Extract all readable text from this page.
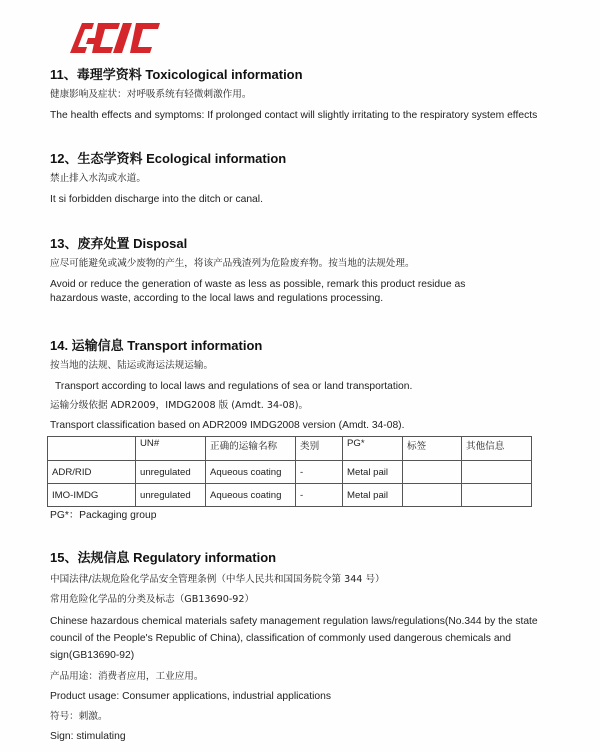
11、毒理学资料 Toxicological information
健康影响及症状：对呼吸系统有轻微刺激作用。
The health effects and symptoms: If prolonged contact will slightly irritating to the respiratory system effects
12、生态学资料 Ecological information
禁止排入水沟或水道。
It si forbidden discharge into the ditch or canal.
13、废弃处置 Disposal
应尽可能避免或减少废物的产生，将该产品残渣列为危险废弃物。按当地的法规处理。
Avoid or reduce the generation of waste as less as possible, remark this product residue as hazardous waste, according to the local laws and regulations processing.
14. 运输信息 Transport information
按当地的法规、陆运或海运法规运输。
Transport according to local laws and regulations of sea or land transportation.
运输分级依据 ADR2009，IMDG2008 版 (Amdt. 34-08)。
Transport classification based on ADR2009 IMDG2008 version (Amdt. 34-08).
	UN#	正确的运输名称	类别	PG*	标签	其他信息
ADR/RID	unregulated	Aqueous coating	-	Metal pail		
IMO-IMDG	unregulated	Aqueous coating	-	Metal pail		
PG*：Packaging group
15、法规信息 Regulatory information
中国法律/法规危险化学品安全管理条例（中华人民共和国国务院令第 344 号）
常用危险化学品的分类及标志（GB13690-92）
Chinese hazardous chemical materials safety management regulation laws/regulations(No.344 by the state council of the People's Republic of China), classification of commonly used dangerous chemicals and sign(GB13690-92)
产品用途：消费者应用，工业应用。
Product usage: Consumer applications, industrial applications
符号：刺激。
Sign: stimulating
